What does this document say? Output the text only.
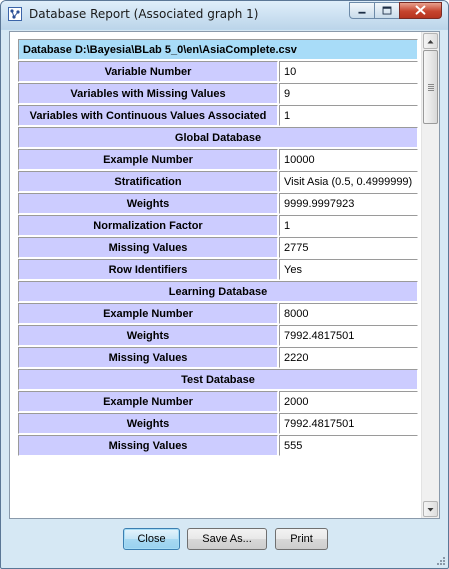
Database Report (Associated graph 1)
Database D:\Bayesia\BLab 5_0\en\AsiaComplete.csv	
Variable Number	10
Variables with Missing Values	9
Variables with Continuous Values Associated	1
Global Database	
Example Number	10000
Stratification	Visit Asia (0.5, 0.4999999)
Weights	9999.9997923
Normalization Factor	1
Missing Values	2775
Row Identifiers	Yes
Learning Database	
Example Number	8000
Weights	7992.4817501
Missing Values	2220
Test Database	
Example Number	2000
Weights	7992.4817501
Missing Values	555
Close	Save As...	Print
